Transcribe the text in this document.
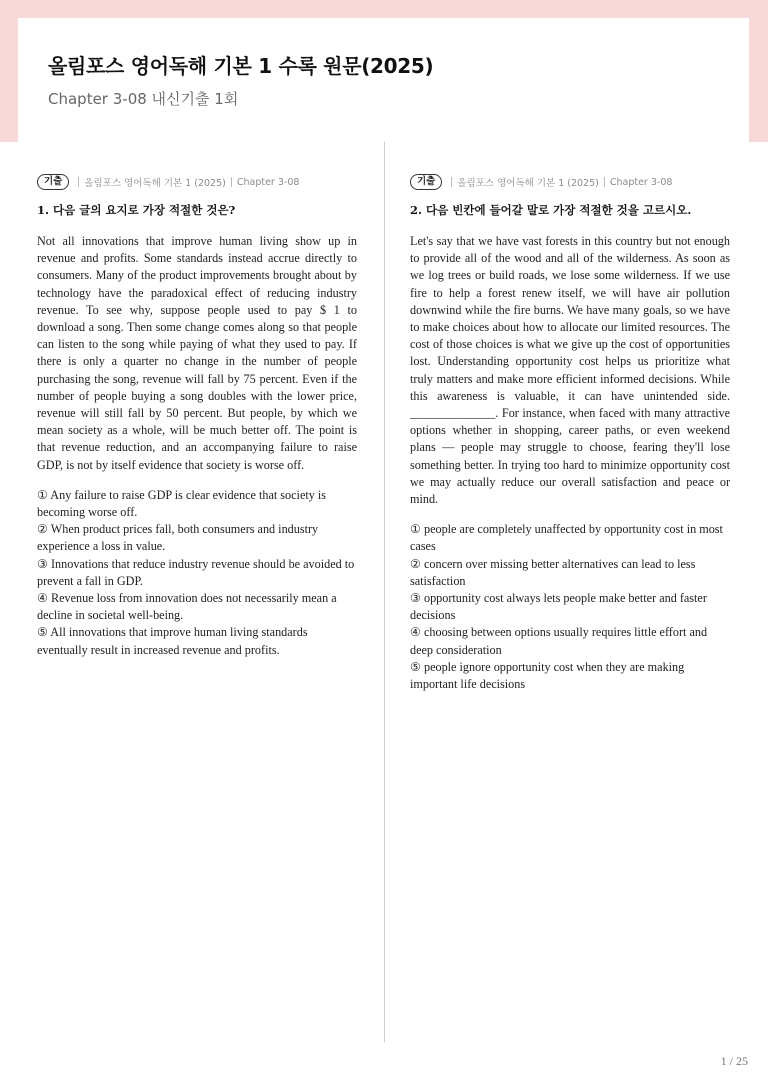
올림포스 영어독해 기본 1 수록 원문(2025)
Chapter 3-08 내신기출 1회
기출	올림포스 영어독해 기본 1 (2025) Chapter 3-08
1. 다음 글의 요지로 가장 적절한 것은?
Not all innovations that improve human living show up in revenue and profits. Some standards instead accrue directly to consumers. Many of the product improvements brought about by technology have the paradoxical effect of reducing industry revenue. To see why, suppose people used to pay $ 1 to download a song. Then some change comes along so that people can listen to the song while paying of what they used to pay. If there is only a quarter no change in the number of people purchasing the song, revenue will fall by 75 percent. Even if the number of people buying a song doubles with the lower price, revenue will still fall by 50 percent. But people, by which we mean society as a whole, will be much better off. The point is that revenue reduction, and an accompanying failure to raise GDP, is not by itself evidence that society is worse off.
① Any failure to raise GDP is clear evidence that society is becoming worse off.
② When product prices fall, both consumers and industry experience a loss in value.
③ Innovations that reduce industry revenue should be avoided to prevent a fall in GDP.
④ Revenue loss from innovation does not necessarily mean a decline in societal well-being.
⑤ All innovations that improve human living standards eventually result in increased revenue and profits.
기출	올림포스 영어독해 기본 1 (2025) Chapter 3-08
2. 다음 빈칸에 들어갈 말로 가장 적절한 것을 고르시오.
Let's say that we have vast forests in this country but not enough to provide all of the wood and all of the wilderness. As soon as we log trees or build roads, we lose some wilderness. If we use fire to help a forest renew itself, we will have air pollution downwind while the fire burns. We have many goals, so we have to make choices about how to allocate our limited resources. The cost of those choices is what we give up the cost of opportunities lost. Understanding opportunity cost helps us prioritize what truly matters and make more efficient informed decisions. While this awareness is valuable, it can have unintended side. ______________. For instance, when faced with many attractive options whether in shopping, career paths, or even weekend plans — people may struggle to choose, fearing they'll lose something better. In trying too hard to minimize opportunity cost we may actually reduce our overall satisfaction and peace or mind.
① people are completely unaffected by opportunity cost in most cases
② concern over missing better alternatives can lead to less satisfaction
③ opportunity cost always lets people make better and faster decisions
④ choosing between options usually requires little effort and deep consideration
⑤ people ignore opportunity cost when they are making important life decisions
1 / 25
